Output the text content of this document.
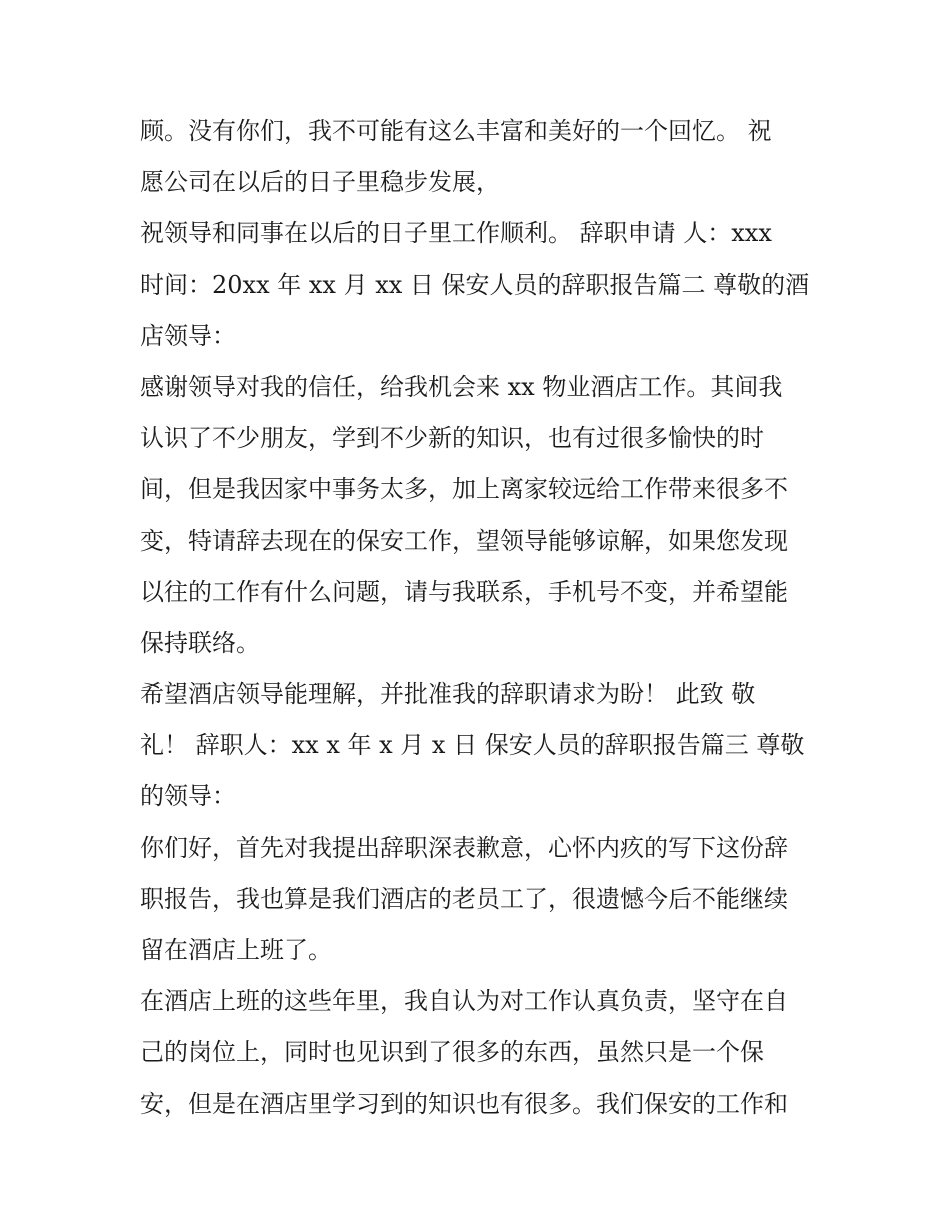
顾。没有你们，我不可能有这么丰富和美好的一个回忆。 祝
愿公司在以后的日子里稳步发展，
祝领导和同事在以后的日子里工作顺利。 辞职申请 人：xxx
时间：20xx 年 xx 月 xx 日 保安人员的辞职报告篇二 尊敬的酒
店领导：
感谢领导对我的信任，给我机会来 xx 物业酒店工作。其间我
认识了不少朋友，学到不少新的知识，也有过很多愉快的时
间，但是我因家中事务太多，加上离家较远给工作带来很多不
变，特请辞去现在的保安工作，望领导能够谅解，如果您发现
以往的工作有什么问题，请与我联系，手机号不变，并希望能
保持联络。
希望酒店领导能理解，并批准我的辞职请求为盼！ 此致 敬
礼！ 辞职人：xx x 年 x 月 x 日 保安人员的辞职报告篇三 尊敬
的领导：
你们好，首先对我提出辞职深表歉意，心怀内疚的写下这份辞
职报告，我也算是我们酒店的老员工了，很遗憾今后不能继续
留在酒店上班了。
在酒店上班的这些年里，我自认为对工作认真负责，坚守在自
己的岗位上，同时也见识到了很多的东西，虽然只是一个保
安，但是在酒店里学习到的知识也有很多。我们保安的工作和
